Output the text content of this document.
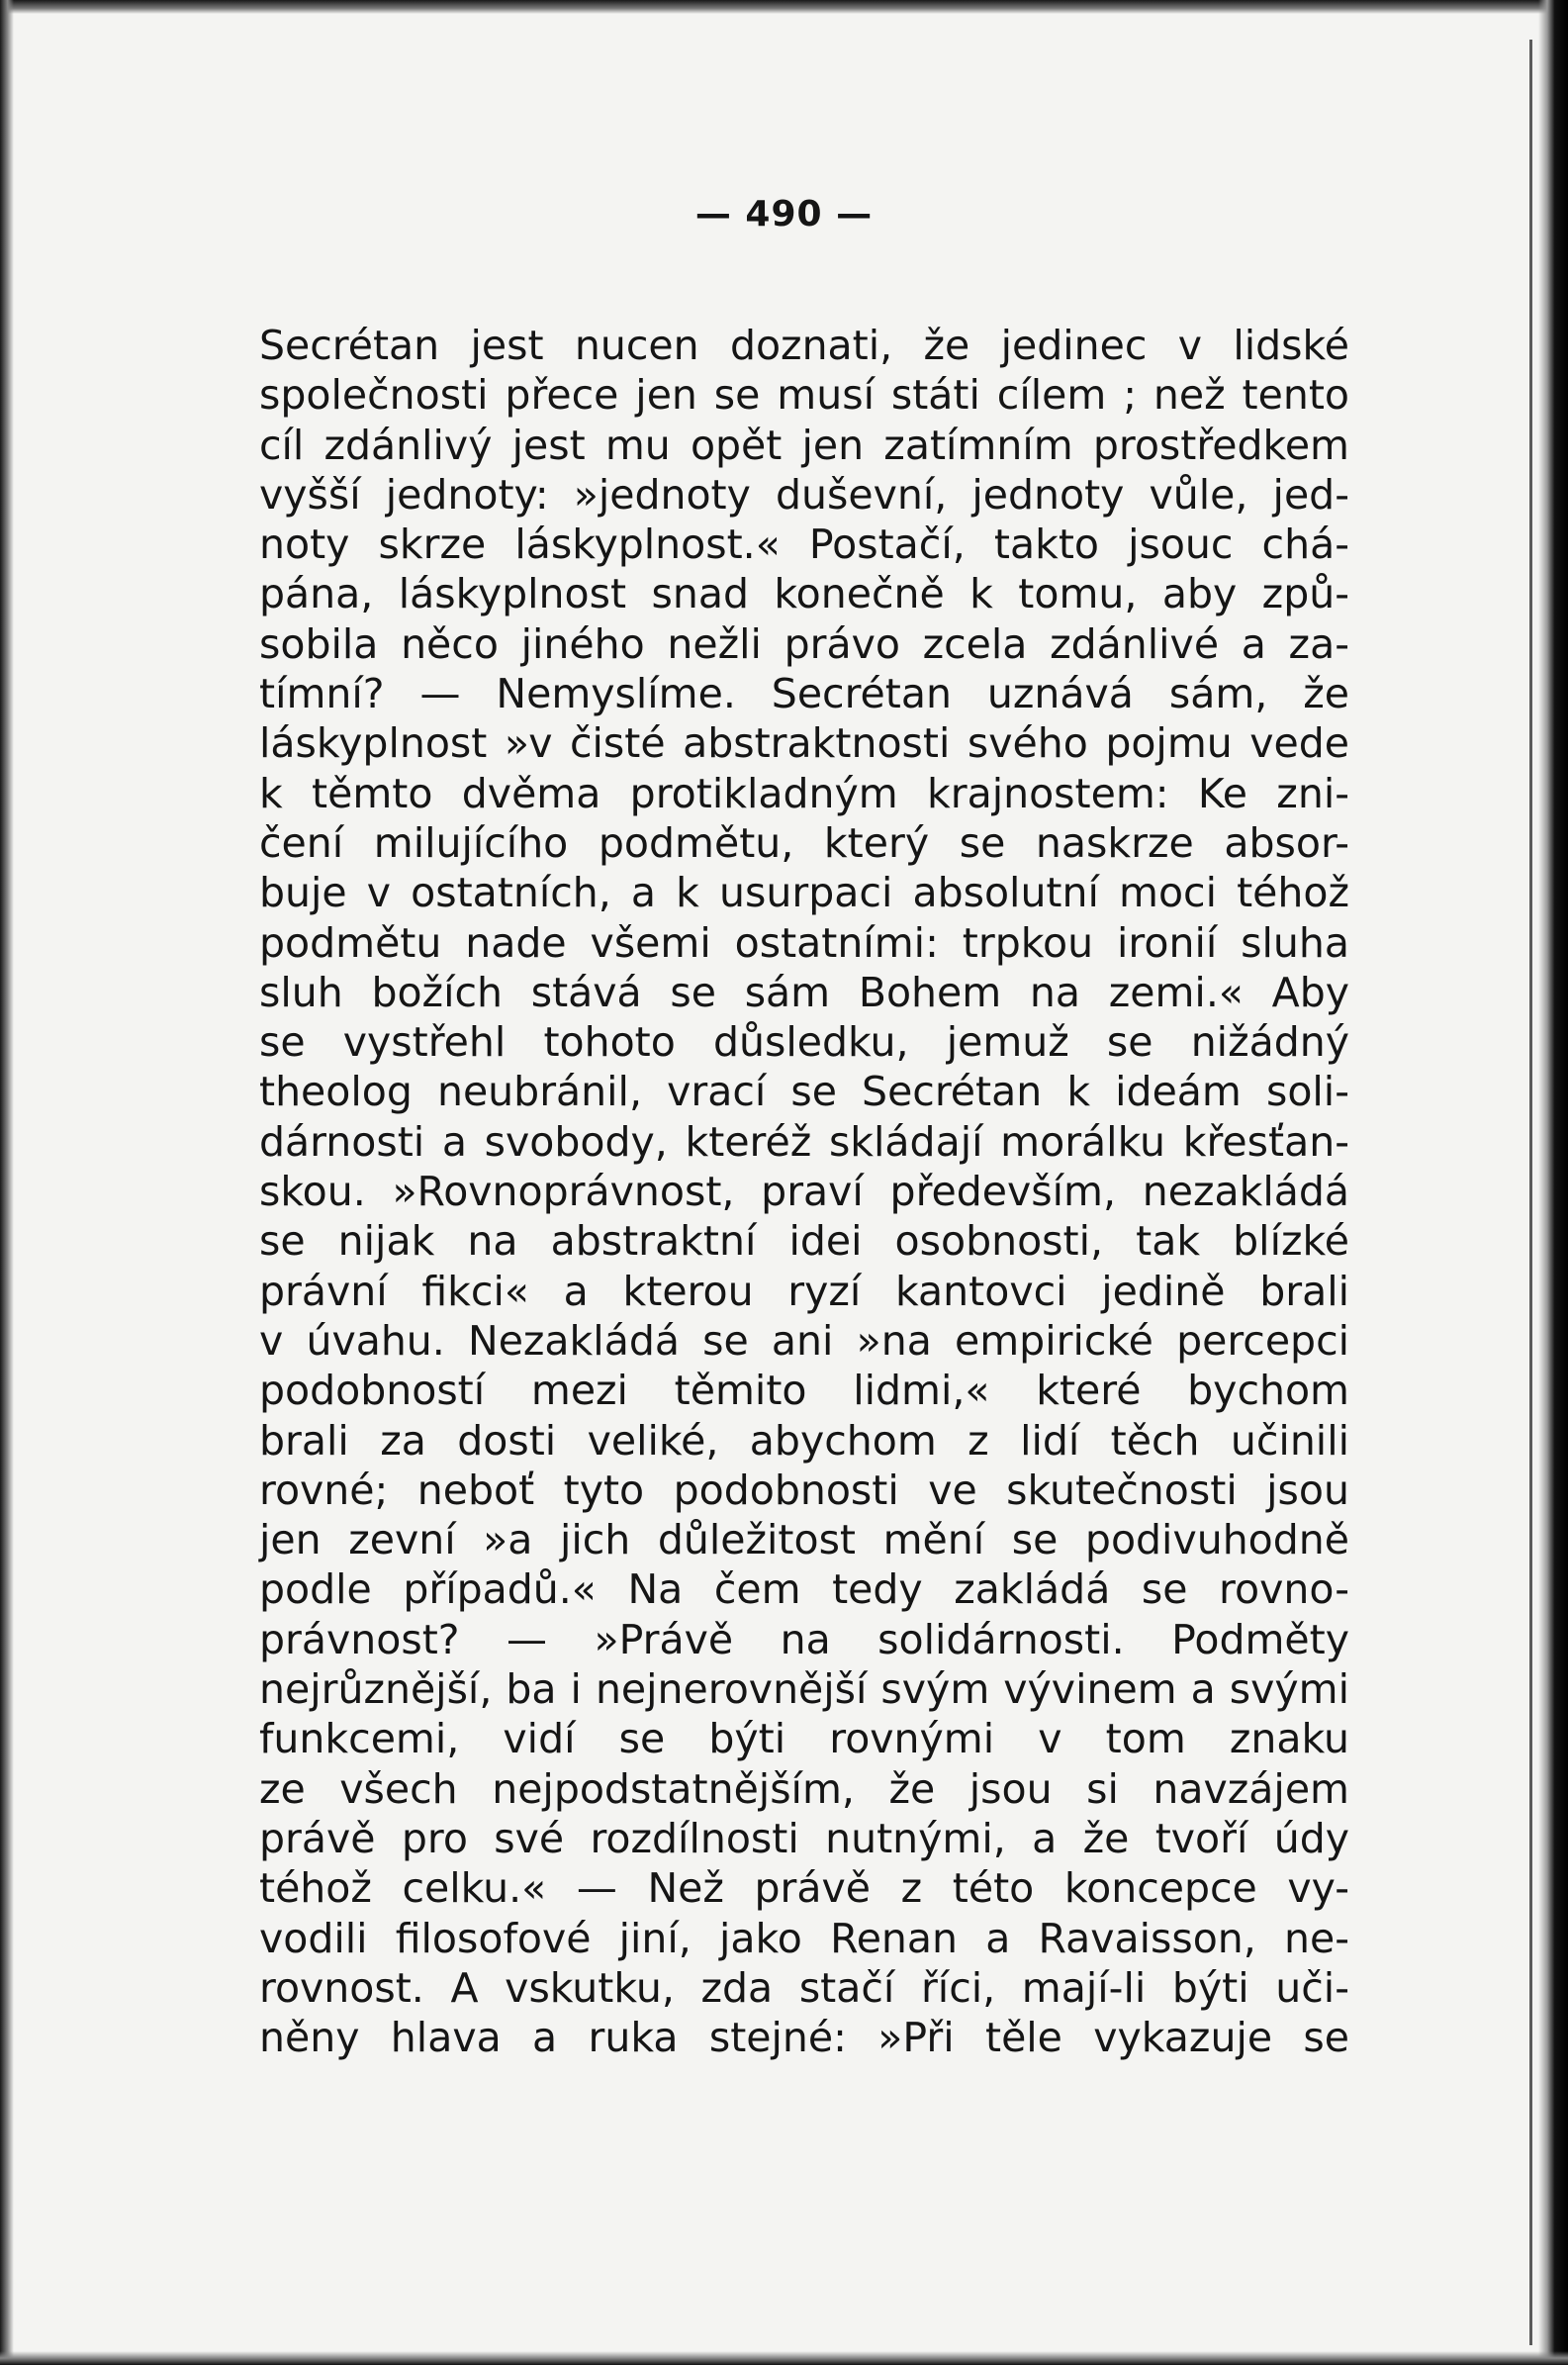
— 490 —
Secrétan jest nucen doznati, že jedinec v lidské
společnosti přece jen se musí státi cílem ; než tento
cíl zdánlivý jest mu opět jen zatímním prostředkem
vyšší jednoty: »jednoty duševní, jednoty vůle, jed-
noty skrze láskyplnost.« Postačí, takto jsouc chá-
pána, láskyplnost snad konečně k tomu, aby způ-
sobila něco jiného nežli právo zcela zdánlivé a za-
tímní? — Nemyslíme. Secrétan uznává sám, že
láskyplnost »v čisté abstraktnosti svého pojmu vede
k těmto dvěma protikladným krajnostem: Ke zni-
čení milujícího podmětu, který se naskrze absor-
buje v ostatních, a k usurpaci absolutní moci téhož
podmětu nade všemi ostatními: trpkou ironií sluha
sluh božích stává se sám Bohem na zemi.« Aby
se vystřehl tohoto důsledku, jemuž se nižádný
theolog neubránil, vrací se Secrétan k ideám soli-
dárnosti a svobody, kteréž skládají morálku křesťan-
skou. »Rovnoprávnost, praví především, nezakládá
se nijak na abstraktní idei osobnosti, tak blízké
právní fikci« a kterou ryzí kantovci jedině brali
v úvahu. Nezakládá se ani »na empirické percepci
podobností mezi těmito lidmi,« které bychom
brali za dosti veliké, abychom z lidí těch učinili
rovné; neboť tyto podobnosti ve skutečnosti jsou
jen zevní »a jich důležitost mění se podivuhodně
podle případů.« Na čem tedy zakládá se rovno-
právnost? — »Právě na solidárnosti. Podměty
nejrůznější, ba i nejnerovnější svým vývinem a svými
funkcemi, vidí se býti rovnými v tom znaku
ze všech nejpodstatnějším, že jsou si navzájem
právě pro své rozdílnosti nutnými, a že tvoří údy
téhož celku.« — Než právě z této koncepce vy-
vodili filosofové jiní, jako Renan a Ravaisson, ne-
rovnost. A vskutku, zda stačí říci, mají-li býti uči-
něny hlava a ruka stejné: »Při těle vykazuje se
